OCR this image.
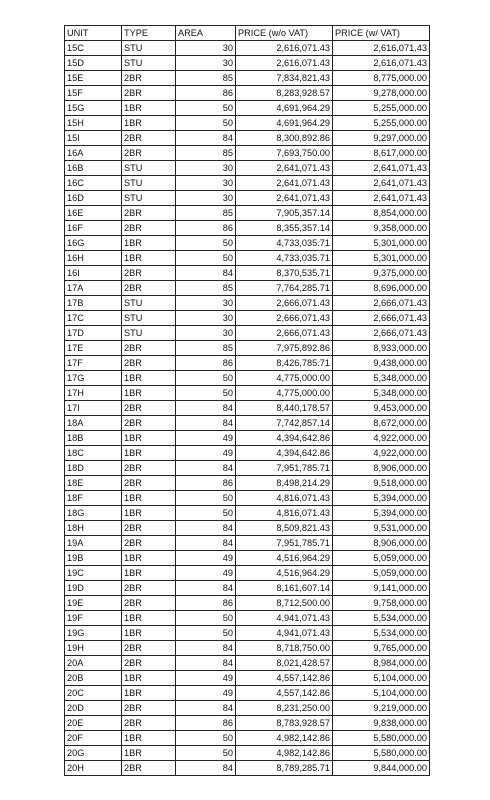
UNIT	TYPE	AREA	PRICE (w/o VAT)	PRICE (w/ VAT)
15C	STU	30	2,616,071.43	2,616,071.43
15D	STU	30	2,616,071.43	2,616,071.43
15E	2BR	85	7,834,821.43	8,775,000.00
15F	2BR	86	8,283,928.57	9,278,000.00
15G	1BR	50	4,691,964.29	5,255,000.00
15H	1BR	50	4,691,964.29	5,255,000.00
15I	2BR	84	8,300,892.86	9,297,000.00
16A	2BR	85	7,693,750.00	8,617,000.00
16B	STU	30	2,641,071.43	2,641,071.43
16C	STU	30	2,641,071.43	2,641,071.43
16D	STU	30	2,641,071.43	2,641,071.43
16E	2BR	85	7,905,357.14	8,854,000.00
16F	2BR	86	8,355,357.14	9,358,000.00
16G	1BR	50	4,733,035.71	5,301,000.00
16H	1BR	50	4,733,035.71	5,301,000.00
16I	2BR	84	8,370,535.71	9,375,000.00
17A	2BR	85	7,764,285.71	8,696,000.00
17B	STU	30	2,666,071.43	2,666,071.43
17C	STU	30	2,666,071.43	2,666,071.43
17D	STU	30	2,666,071.43	2,666,071.43
17E	2BR	85	7,975,892.86	8,933,000.00
17F	2BR	86	8,426,785.71	9,438,000.00
17G	1BR	50	4,775,000.00	5,348,000.00
17H	1BR	50	4,775,000.00	5,348,000.00
17I	2BR	84	8,440,178.57	9,453,000.00
18A	2BR	84	7,742,857.14	8,672,000.00
18B	1BR	49	4,394,642.86	4,922,000.00
18C	1BR	49	4,394,642.86	4,922,000.00
18D	2BR	84	7,951,785.71	8,906,000.00
18E	2BR	86	8,498,214.29	9,518,000.00
18F	1BR	50	4,816,071.43	5,394,000.00
18G	1BR	50	4,816,071.43	5,394,000.00
18H	2BR	84	8,509,821.43	9,531,000.00
19A	2BR	84	7,951,785.71	8,906,000.00
19B	1BR	49	4,516,964.29	5,059,000.00
19C	1BR	49	4,516,964.29	5,059,000.00
19D	2BR	84	8,161,607.14	9,141,000.00
19E	2BR	86	8,712,500.00	9,758,000.00
19F	1BR	50	4,941,071.43	5,534,000.00
19G	1BR	50	4,941,071.43	5,534,000.00
19H	2BR	84	8,718,750.00	9,765,000.00
20A	2BR	84	8,021,428.57	8,984,000.00
20B	1BR	49	4,557,142.86	5,104,000.00
20C	1BR	49	4,557,142.86	5,104,000.00
20D	2BR	84	8,231,250.00	9,219,000.00
20E	2BR	86	8,783,928.57	9,838,000.00
20F	1BR	50	4,982,142.86	5,580,000.00
20G	1BR	50	4,982,142.86	5,580,000.00
20H	2BR	84	8,789,285.71	9,844,000.00
